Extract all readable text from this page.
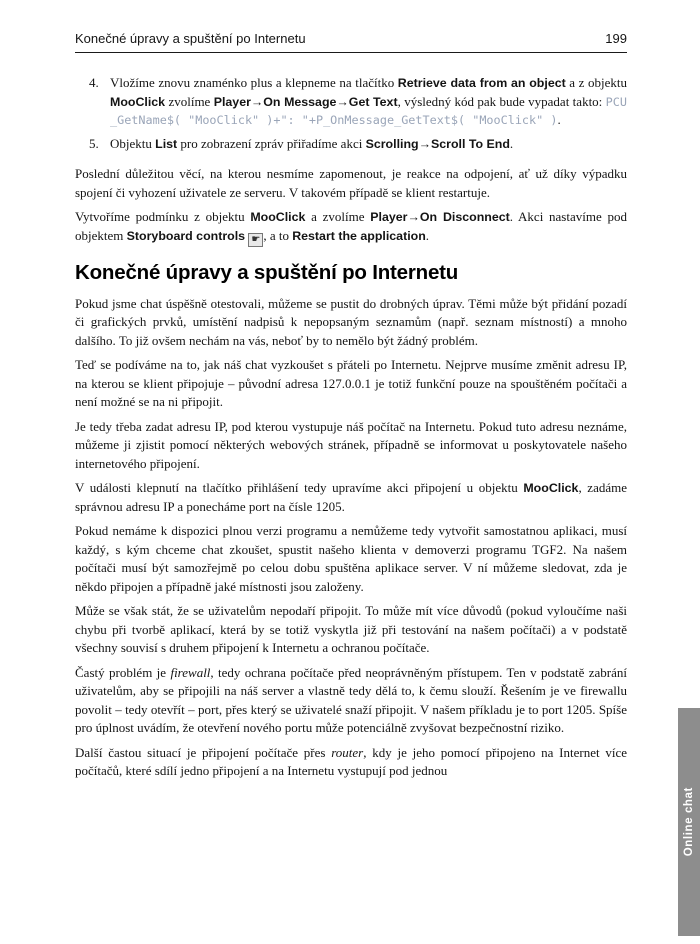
Konečné úpravy a spuštění po Internetu	199
4. Vložíme znovu znaménko plus a klepneme na tlačítko Retrieve data from an object a z objektu MooClick zvolíme Player→On Message→Get Text, výsledný kód pak bude vypadat takto: PCU_GetName$( "MooClick" )+": "+P_OnMessage_GetText$( "MooClick" ).
5. Objektu List pro zobrazení zpráv přiřadíme akci Scrolling→Scroll To End.

Poslední důležitou věcí, na kterou nesmíme zapomenout, je reakce na odpojení, ať už díky výpadku spojení či vyhození uživatele ze serveru. V takovém případě se klient restartuje.

Vytvoříme podmínku z objektu MooClick a zvolíme Player→On Disconnect. Akci nastavíme pod objektem Storyboard controls ☛ , a to Restart the application.

Konečné úpravy a spuštění po Internetu

Pokud jsme chat úspěšně otestovali, můžeme se pustit do drobných úprav. Těmi může být přidání pozadí či grafických prvků, umístění nadpisů k nepopsaným seznamům (např. seznam místností) a mnoho dalšího. To již ovšem nechám na vás, neboť by to nemělo být žádný problém.

Teď se podíváme na to, jak náš chat vyzkoušet s přáteli po Internetu. Nejprve musíme změnit adresu IP, na kterou se klient připojuje – původní adresa 127.0.0.1 je totiž funkční pouze na spouštěném počítači a není možné se na ni připojit.

Je tedy třeba zadat adresu IP, pod kterou vystupuje náš počítač na Internetu. Pokud tuto adresu neznáme, můžeme ji zjistit pomocí některých webových stránek, případně se informovat u poskytovatele našeho internetového připojení.

V události klepnutí na tlačítko přihlášení tedy upravíme akci připojení u objektu MooClick, zadáme správnou adresu IP a ponecháme port na čísle 1205.

Pokud nemáme k dispozici plnou verzi programu a nemůžeme tedy vytvořit samostatnou aplikaci, musí každý, s kým chceme chat zkoušet, spustit našeho klienta v demoverzi programu TGF2. Na našem počítači musí být samozřejmě po celou dobu spuštěna aplikace server. V ní můžeme sledovat, zda je někdo připojen a případně jaké místnosti jsou založeny.

Může se však stát, že se uživatelům nepodaří připojit. To může mít více důvodů (pokud vyloučíme naši chybu při tvorbě aplikací, která by se totiž vyskytla již při testování na našem počítači) a v podstatě všechny souvisí s druhem připojení k Internetu a ochranou počítače.

Častý problém je firewall, tedy ochrana počítače před neoprávněným přístupem. Ten v podstatě zabrání uživatelům, aby se připojili na náš server a vlastně tedy dělá to, k čemu slouží. Řešením je ve firewallu povolit – tedy otevřít – port, přes který se uživatelé snaží připojit. V našem příkladu je to port 1205. Spíše pro úplnost uvádím, že otevření nového portu může potenciálně zvyšovat bezpečnostní riziko.

Další častou situací je připojení počítače přes router, kdy je jeho pomocí připojeno na Internet více počítačů, které sdílí jedno připojení a na Internetu vystupují pod jednou

Online chat
